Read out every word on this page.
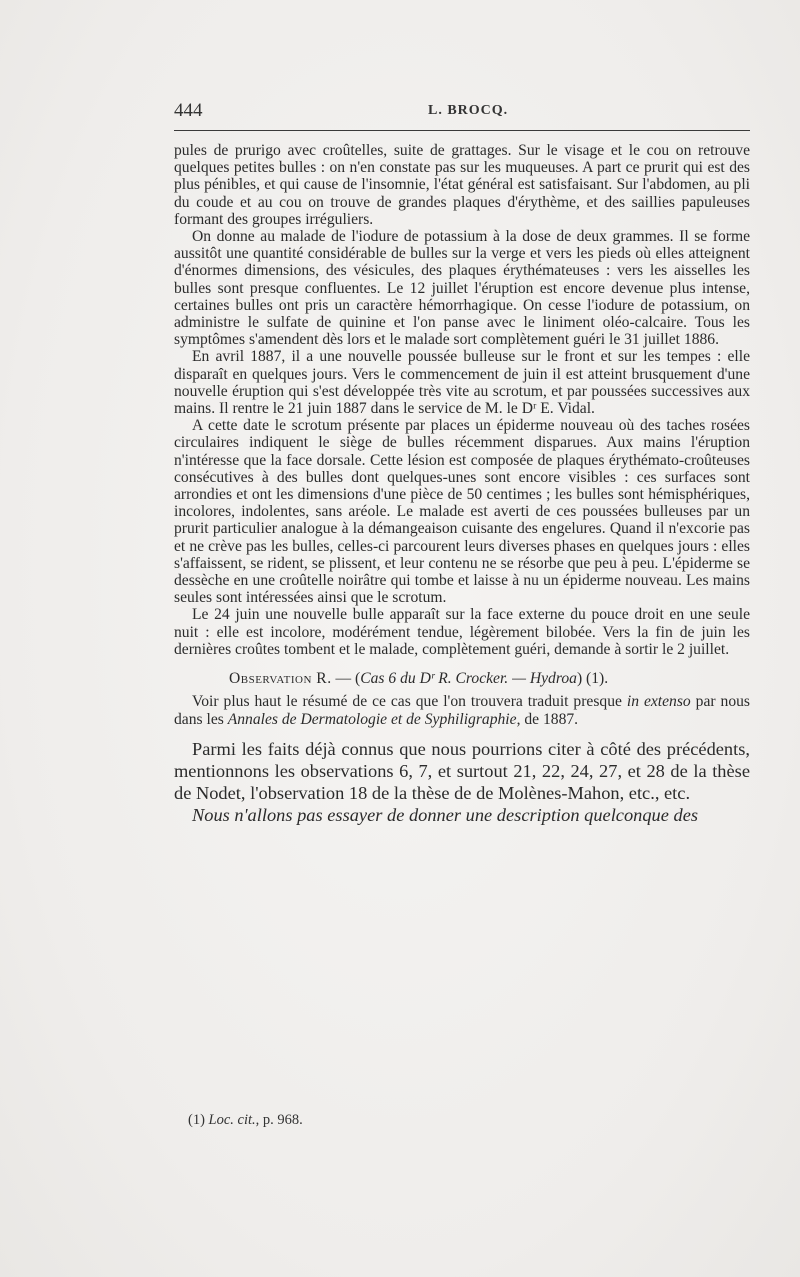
444	L. BROCQ.

pules de prurigo avec croûtelles, suite de grattages. Sur le visage et le cou on retrouve quelques petites bulles : on n'en constate pas sur les muqueuses. A part ce prurit qui est des plus pénibles, et qui cause de l'insomnie, l'état général est satisfaisant. Sur l'abdomen, au pli du coude et au cou on trouve de grandes plaques d'érythème, et des saillies papuleuses formant des groupes irréguliers.

On donne au malade de l'iodure de potassium à la dose de deux grammes. Il se forme aussitôt une quantité considérable de bulles sur la verge et vers les pieds où elles atteignent d'énormes dimensions, des vésicules, des plaques érythémateuses : vers les aisselles les bulles sont presque confluentes. Le 12 juillet l'éruption est encore devenue plus intense, certaines bulles ont pris un caractère hémorrhagique. On cesse l'iodure de potassium, on administre le sulfate de quinine et l'on panse avec le liniment oléo-calcaire. Tous les symptômes s'amendent dès lors et le malade sort complètement guéri le 31 juillet 1886.

En avril 1887, il a une nouvelle poussée bulleuse sur le front et sur les tempes : elle disparaît en quelques jours. Vers le commencement de juin il est atteint brusquement d'une nouvelle éruption qui s'est développée très vite au scrotum, et par poussées successives aux mains. Il rentre le 21 juin 1887 dans le service de M. le Dʳ E. Vidal.

A cette date le scrotum présente par places un épiderme nouveau où des taches rosées circulaires indiquent le siège de bulles récemment disparues. Aux mains l'éruption n'intéresse que la face dorsale. Cette lésion est composée de plaques érythémato-croûteuses consécutives à des bulles dont quelques-unes sont encore visibles : ces surfaces sont arrondies et ont les dimensions d'une pièce de 50 centimes ; les bulles sont hémisphériques, incolores, indolentes, sans aréole. Le malade est averti de ces poussées bulleuses par un prurit particulier analogue à la démangeaison cuisante des engelures. Quand il n'excorie pas et ne crève pas les bulles, celles-ci parcourent leurs diverses phases en quelques jours : elles s'affaissent, se rident, se plissent, et leur contenu ne se résorbe que peu à peu. L'épiderme se dessèche en une croûtelle noirâtre qui tombe et laisse à nu un épiderme nouveau. Les mains seules sont intéressées ainsi que le scrotum.

Le 24 juin une nouvelle bulle apparaît sur la face externe du pouce droit en une seule nuit : elle est incolore, modérément tendue, légèrement bilobée. Vers la fin de juin les dernières croûtes tombent et le malade, complètement guéri, demande à sortir le 2 juillet.

Observation R. — (Cas 6 du Dʳ R. Crocker. — Hydroa) (1).

Voir plus haut le résumé de ce cas que l'on trouvera traduit presque in extenso par nous dans les Annales de Dermatologie et de Syphiligraphie, de 1887.

Parmi les faits déjà connus que nous pourrions citer à côté des précédents, mentionnons les observations 6, 7, et surtout 21, 22, 24, 27, et 28 de la thèse de Nodet, l'observation 18 de la thèse de de Molènes-Mahon, etc., etc.

Nous n'allons pas essayer de donner une description quelconque des

(1) Loc. cit., p. 968.
